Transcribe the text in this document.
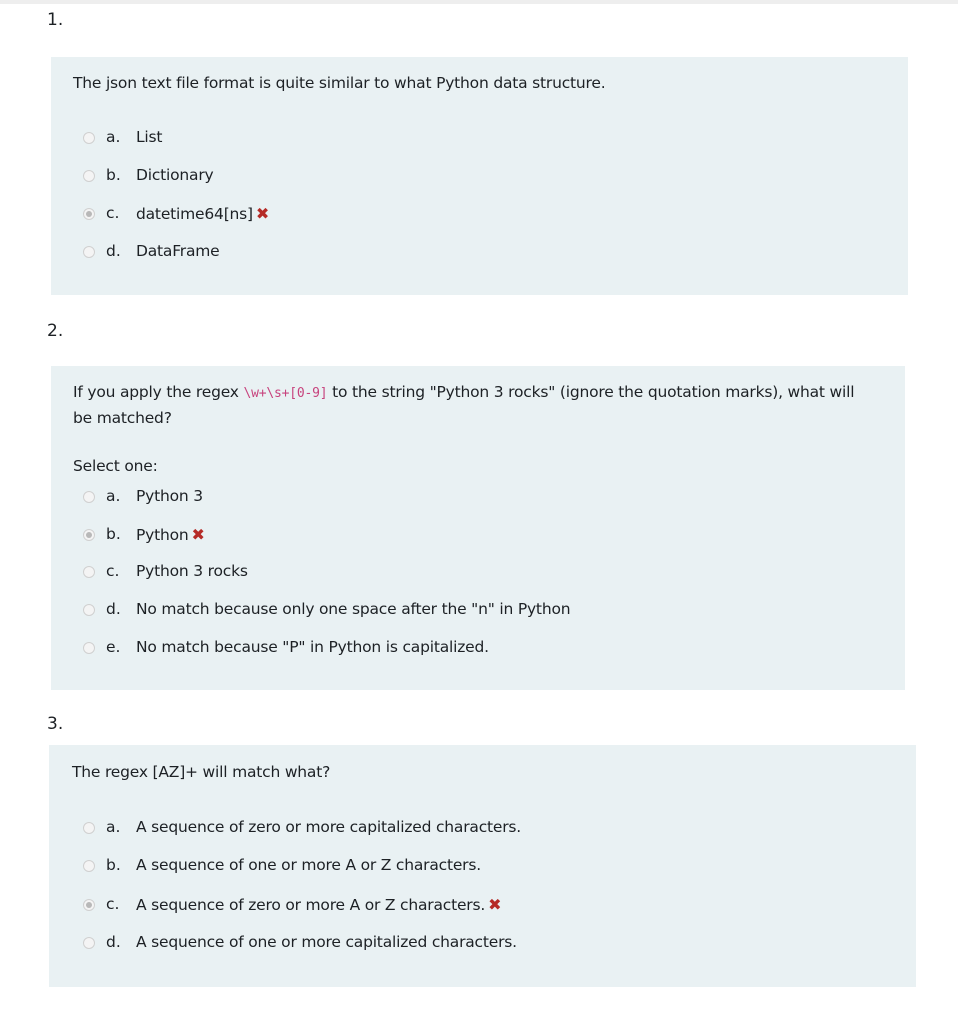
1.
The json text file format is quite similar to what Python data structure.
2.
If you apply the regex \w+\s+[0-9] to the string "Python 3 rocks" (ignore the quotation marks), what will be matched?
Select one:
3.
The regex [AZ]+ will match what?
a. List
b. Dictionary
c. datetime64[ns] ✖
d. DataFrame
a. Python 3
b. Python ✖
c. Python 3 rocks
d. No match because only one space after the "n" in Python
e. No match because "P" in Python is capitalized.
a. A sequence of zero or more capitalized characters.
b. A sequence of one or more A or Z characters.
c. A sequence of zero or more A or Z characters. ✖
d. A sequence of one or more capitalized characters.
